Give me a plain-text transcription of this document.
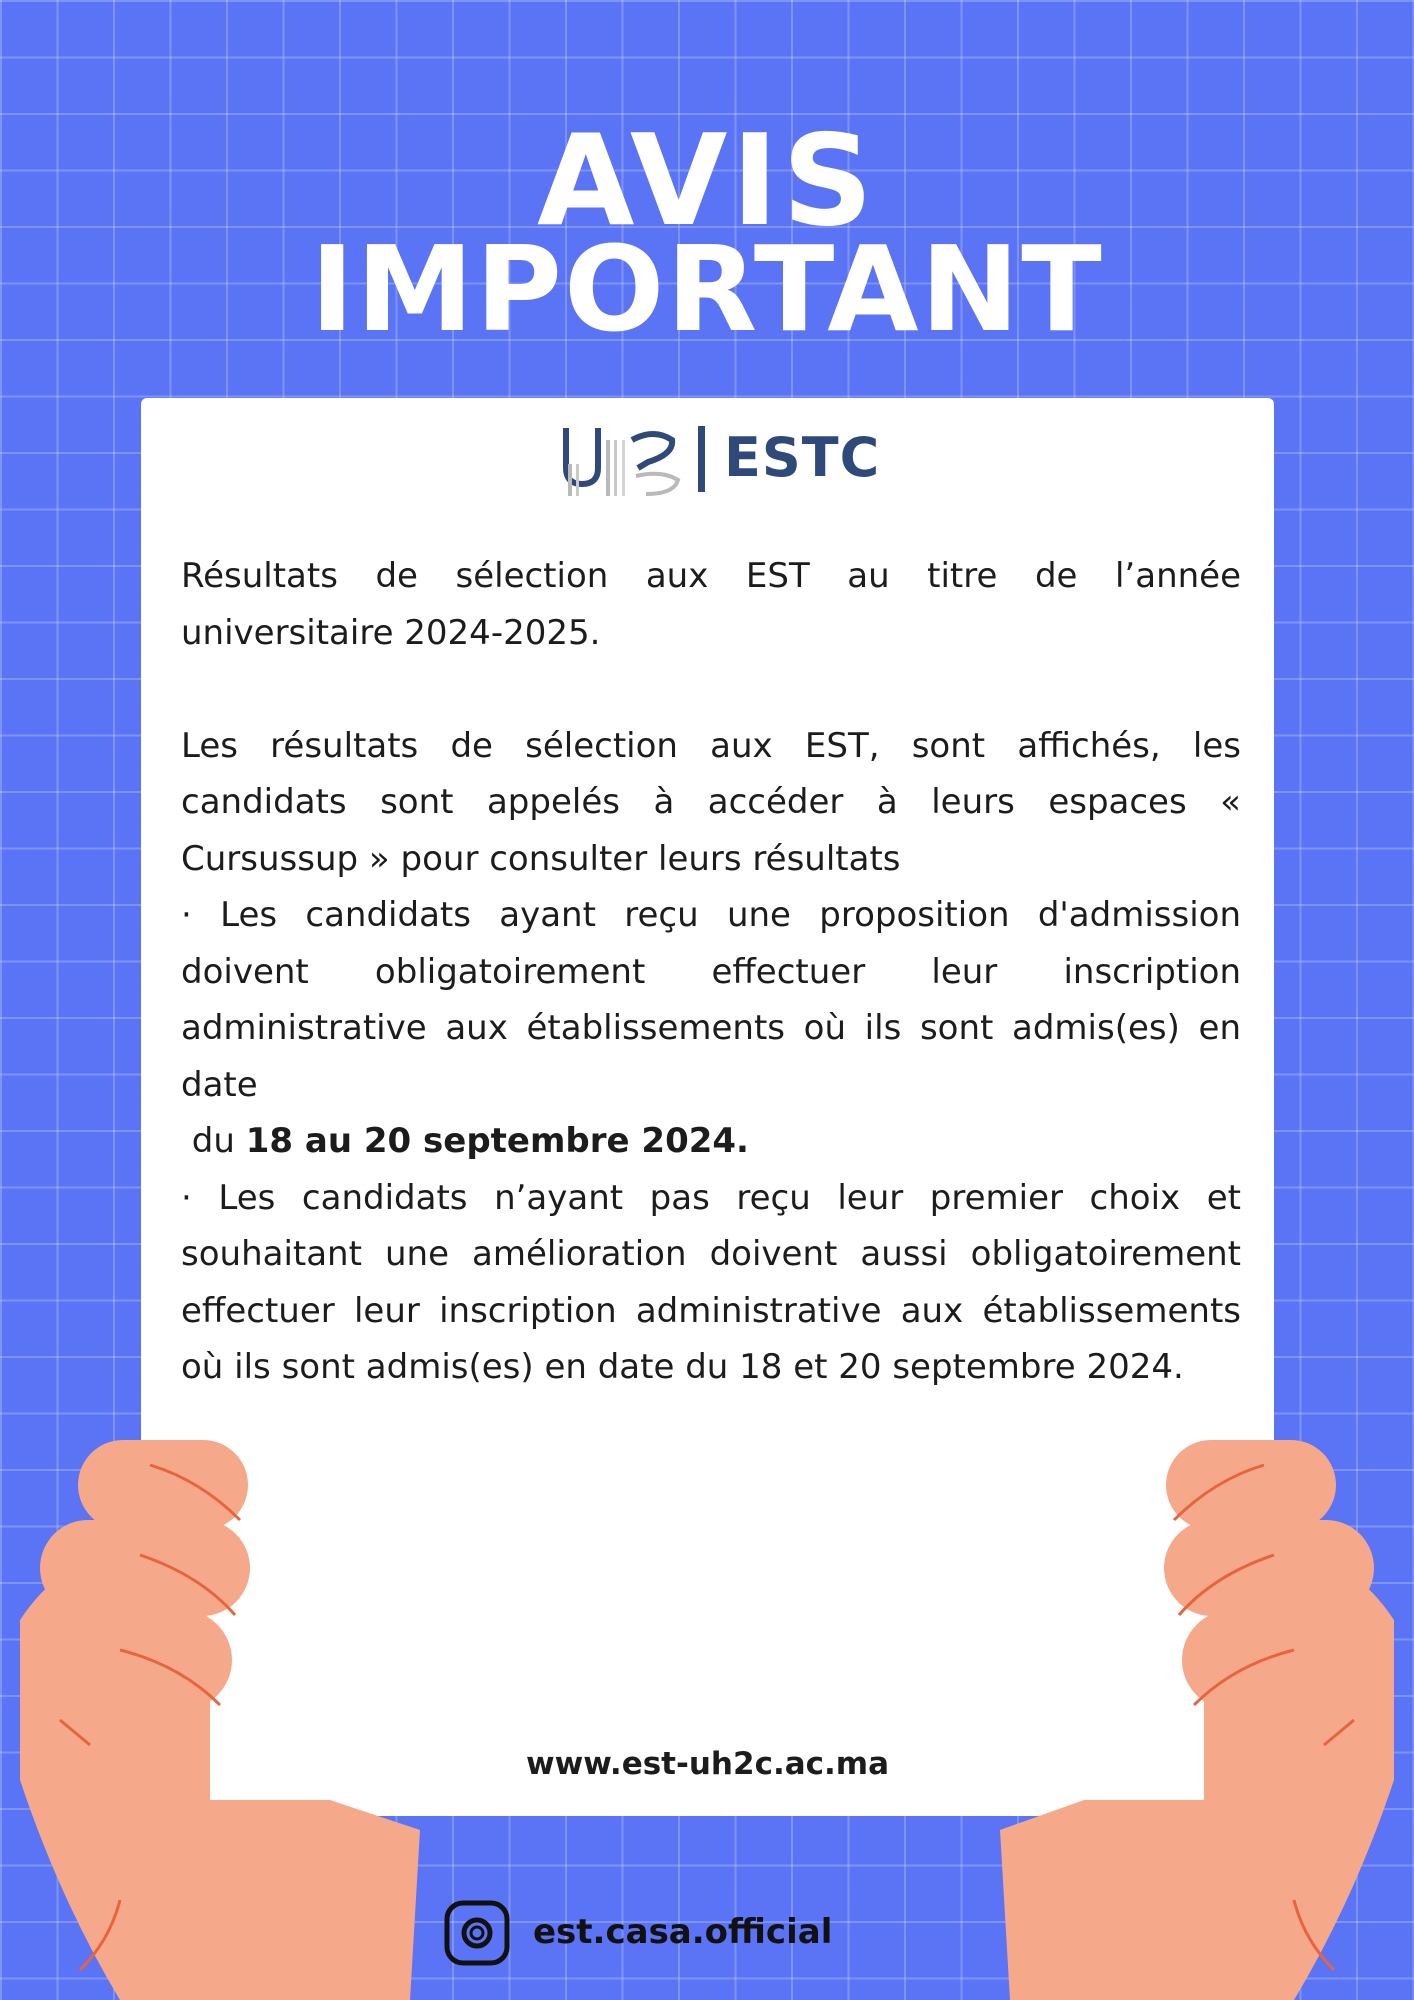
AVIS
IMPORTANT
ESTC

Résultats de sélection aux EST au titre de l’année universitaire 2024-2025.

Les résultats de sélection aux EST, sont affichés, les candidats sont appelés à accéder à leurs espaces « Cursussup » pour consulter leurs résultats

· Les candidats ayant reçu une proposition d'admission doivent obligatoirement effectuer leur inscription administrative aux établissements où ils sont admis(es) en date

du 18 au 20 septembre 2024.

· Les candidats n’ayant pas reçu leur premier choix et souhaitant une amélioration doivent aussi obligatoirement effectuer leur inscription administrative aux établissements où ils sont admis(es) en date du 18 et 20 septembre 2024.

www.est-uh2c.ac.ma
est.casa.official
